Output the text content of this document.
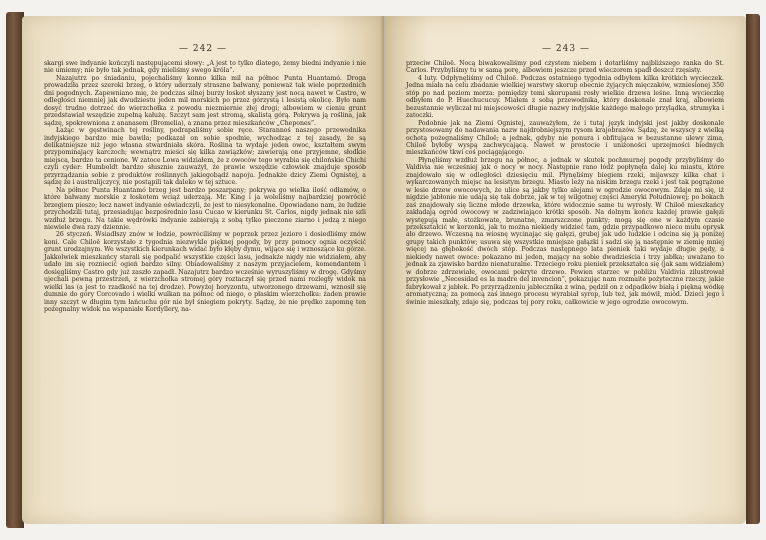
— 242 —

skargi swe indyanie kończyli następującemi słowy: „A jest to tylko dlatego, żemy biedni indyanie i nie nie umiemy; nie było tak jednak, gdy mieliśmy swego króla”.

Nazajutrz po śniadaniu, pojechaliśmy konno kilka mil na północ Punta Huantamó. Droga prowadziła przez szeroki brzeg, o który uderzały straszne bałwany, ponieważ tak wiele poprzednich dni pogodnych. Zapewniano mię, że podczas silnej burzy łoskot słyszany jest nocą nawet w Castro, w odległości niemniej jak dwudziestu jeden mil morskich po przez górzystą i lesistą okolicę. Było nam dosyć trudno dotrzeć do wierzchołka z powodu niezmiernie złej drogi; albowiem w cieniu grunt przedstawiał wszędzie zupełną kałużę. Szczyt sam jest stromą, skalistą górą. Pokrywa ją roślina, jak sądzę, spokrewniona z ananasem (Bromelia), a znana przez mieszkańców „Chepones”.

Łażąc w gęstwinach tej rośliny, podrapaliśmy sobie ręce. Starannoś naszego przewodnika indyjskiego bardzo mię bawiła; podkazał on sobie spodnie, wychodząc z tej zasady, że są delikatniejsze niż jego własna stwardniała skóra. Roślina ta wydaje jeden owoc, kształtem swym przypominający karczoch; wewnątrz mieści się kilka zawiązków; zawierają one przyjemne, słodkie miejsca, bardzo ta cenione. W zatoce Lowa widziałem, że z owoców tego wyrabia się chilońskie Chichi czyli cyder: Humboldt bardzo słusznie zauważył, że prawie wszędzie człowiek znajduje sposób przyrządzania sobie z produktów roślinnych jakiegobądź napoju. Jednakże dzicy Ziemi Ognistej, a sądzę że i australijczycy, nie postąpili tak daleko w tej sztuce.

Na północ Punta Huantamó brzeg jest bardzo poszarpany; pokrywa go wielka ilość odłamów, o które bałwany morskie z łoskotem wciąż uderzają. Mr. King i ja woleliśmy najbardziej powrócić brzegiem pieszo; lecz nawet indyanie oświadczyli, że jest to niesykonalne. Opowiadano nam, że ludzie przychodzili tutaj, przesiadując bezpośrednio lasu Cucao w kierunku St. Carlos, nigdy jednak nie szli wzdłuż brzegu. Na takie wędrówki indyanie zabierają z sobą tylko pieczone ziarno i jedzą z niego niewiele dwa razy dziennie.

26 styczeń. Wsiadłszy znów w łodzie, powróciliśmy w poprzek przez jezioro i dosiedliśmy znów koni. Cale Chiloë korzystało z tygodnia niezwykle pięknej pogody, by przy pomocy ognia oczyścić grunt urodzajnym. We wszystkich kierunkach widać było kłęby dymu, wijące się i wznoszące ku górze. Jakkolwiek mieszkańcy starali się podpalić wszystkie części lasu, jednakże nigdy nie widziałem, aby udało im się rozniecić ogień bardzo silny. Obiadowaliśmy z naszym przyjacielem, komendantem i dosięgliśmy Castro gdy już zaszło zapadł. Nazajutrz bardzo wcześnie wyruszyliśmy w drogę. Gdyśmy ujechali pewną przestrzeń, z wierzchołka stromej góry roztaczył się przed nami rozległy widok na wielki las (a jest to rzadkość na tej drodze). Powyżej horyzontu, utworzonego drzewami, wznosił się dumnie do góry Corcovado i wielki wulkan na północ od niego, o płaskim wierzchołku: żaden prawie inny szczyt w długim tym łańcuchu gór nie był śniegiem pokryty. Sądzę, że nie prędko zapomnę ten pożegnalny widok na wspaniałe Kordyllery, na-

— 243 —

przeciw Chiloë. Nocą biwakowaliśmy pod czystem niebem i dotarliśmy najbliższego ranka do St. Carlos. Przybyliśmy tu w samą porę, albowiem jeszcze przed wieczorem spadł deszcz rzęsisty.

4 luty. Odpłynęliśmy od Chiloë. Podczas ostatniego tygodnia odbyłem kilka krótkich wycieczek. Jedna miała na celu zbadanie wielkiej warstwy skorup obecnie żyjących mięczaków, wzniesionej 350 stóp po nad poziom morza: pomiędzy temi skorupami rosły wielkie drzewa leśne. Inną wycieczkę odbyłem do P. Huechucucuy. Miałem z sobą przewodnika, który doskonale znał kraj, albowiem bezustannie wyliczał mi miejscowości długie nazwy indyjskie każdego małego przylądka, strumyka i zatoczki.

Podobnie jak na Ziemi Ognistej, zauważyłem, że i tutaj język indyjski jest jakby doskonale przystosowany do nadawania nazw najdrobniejszym rysom krajobrazów. Sądzę, że wszyscy z wielką ochotą pożegnaliśmy Chiloë; a jednak, gdyby nie ponura i obfitująca w bezustanne ulewy zima, Chiloë byłoby wyspą zachwycającą. Nawet w prostocie i uniżoności uprzejmości biednych mieszkańców tkwi coś pociągającego.

Płynęliśmy wzdłuż brzegu na północ, a jednak w skutek pochmurnej pogody przybyliśmy do Valdivia nie wcześniej jak o nocy w nocy. Następnie rano łódź popłynęła dalej ku miastu, które znajdowało się w odległości dziesięciu mil. Płynęliśmy biegiem rzeki, mijawszy kilka chat i wykarczowanych miejsc na lesistym brzegu. Miasto leży na niskim brzegu rzeki i jest tak pogrążone w lesie drzew owocowych, że ulice są jakby tylko alejami w ogrodzie owocowym. Zdaje mi się, iż nigdzie jabłonie nie udają się tak dobrze, jak w tej wilgotnej części Ameryki Południowej; po bokach zaś znajdowały się liczne młode drzewka, które widocznie same tu wyrosły. W Chiloë mieszkańcy zakładają ogród owocowy w zadziwiająco krótki sposób. Na dolnym końcu każdej prawie gałęzi występują małe, stożkowate, brunatne, zmarszczone punkty; mogą się one w każdym czasie przekształcić w korzonki, jak to można niekiedy widzieć tam, gdzie przypadkowo nieco mułu oprysk ało drzewo. Wczesną na wiosnę wycinając się gałęzi, grubej jak udo ludzkie i odcina się ją poniżej grupy takich punktów; usuwa się wszystkie mniejsze gałązki i sadzi się ją następnie w ziemię mniej więcej na głębokość dwóch stóp. Podczas następnego lata pieniek taki wydaje długie pędy, a niekiedy nawet owoce: pokazano mi jeden, mający na sobie dwadzieścia i trzy jabłka; uważano to jednak za zjawisko bardzo nienaturalne. Trzeciego roku pieniek przekształca się (jak sam widziałem) w dobrze zdrzewiałe, owocami pokryte drzewo. Pewien starzec w pobliżu Valdivia zilustrował przysłowie „Necesidad es la madre del invencion”, pokazując nam rozmaite pożyteczne rzeczy, jakie fabrykował z jabłek. Po przyrządzeniu jabłecznika z wina, pędził on z odpadków białą i piękną wódkę aromatyczną; za pomocą zaś innego procesu wyrabiał syrop, lub też, jak mówił, miód. Dzieci jego i świnie mieszkały, zdaje się, podczas tej pory roku, całkowicie w jego ogrodzie owocowym.
